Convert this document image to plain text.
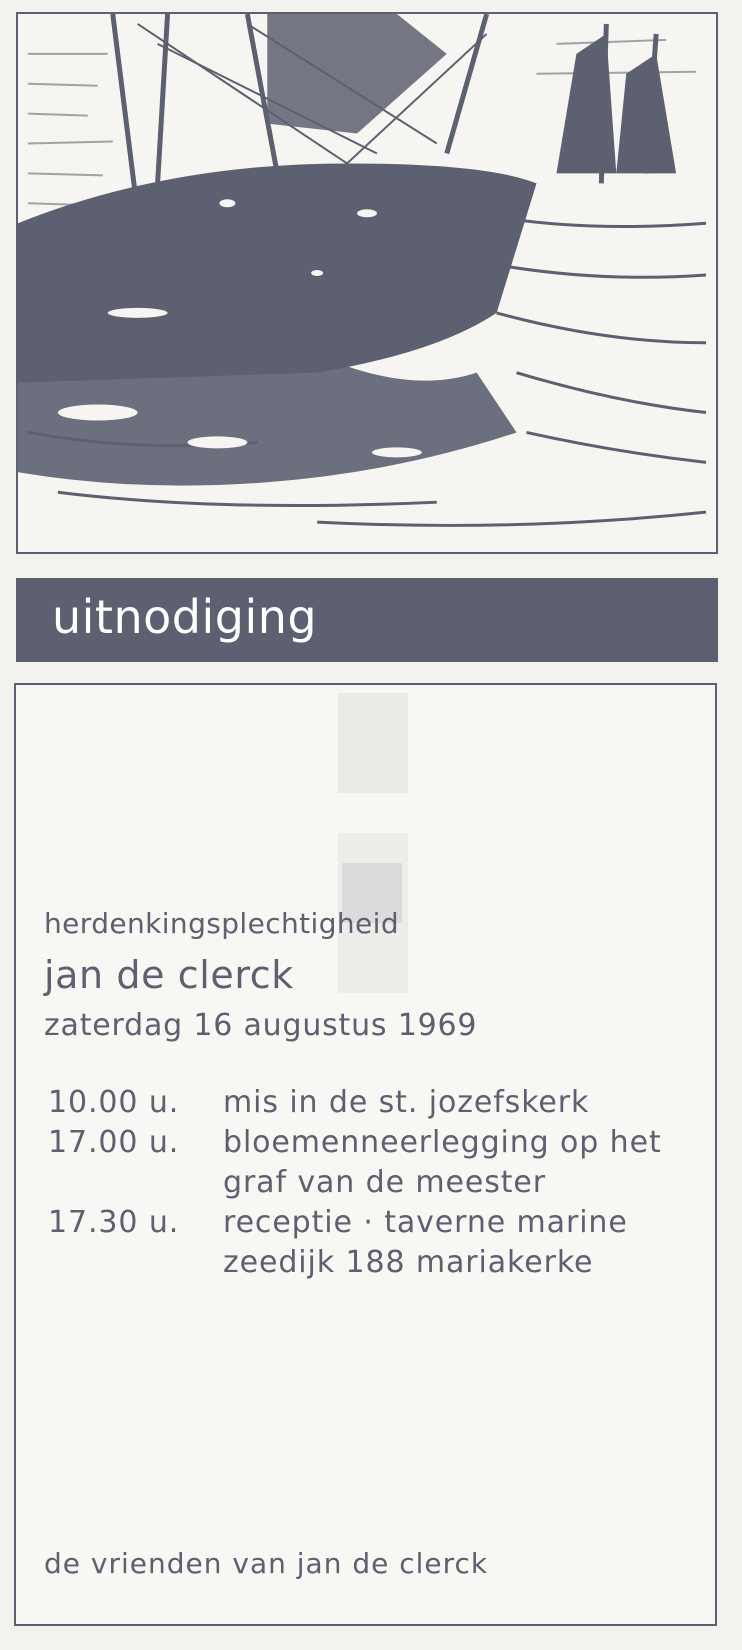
uitnodiging
herdenkingsplechtigheid
jan de clerck
zaterdag 16 augustus 1969
10.00 u.	mis in de st. jozefskerk
17.00 u.	bloemenneerlegging op het
graf van de meester
17.30 u.	receptie · taverne marine
zeedijk 188 mariakerke
de vrienden van jan de clerck
